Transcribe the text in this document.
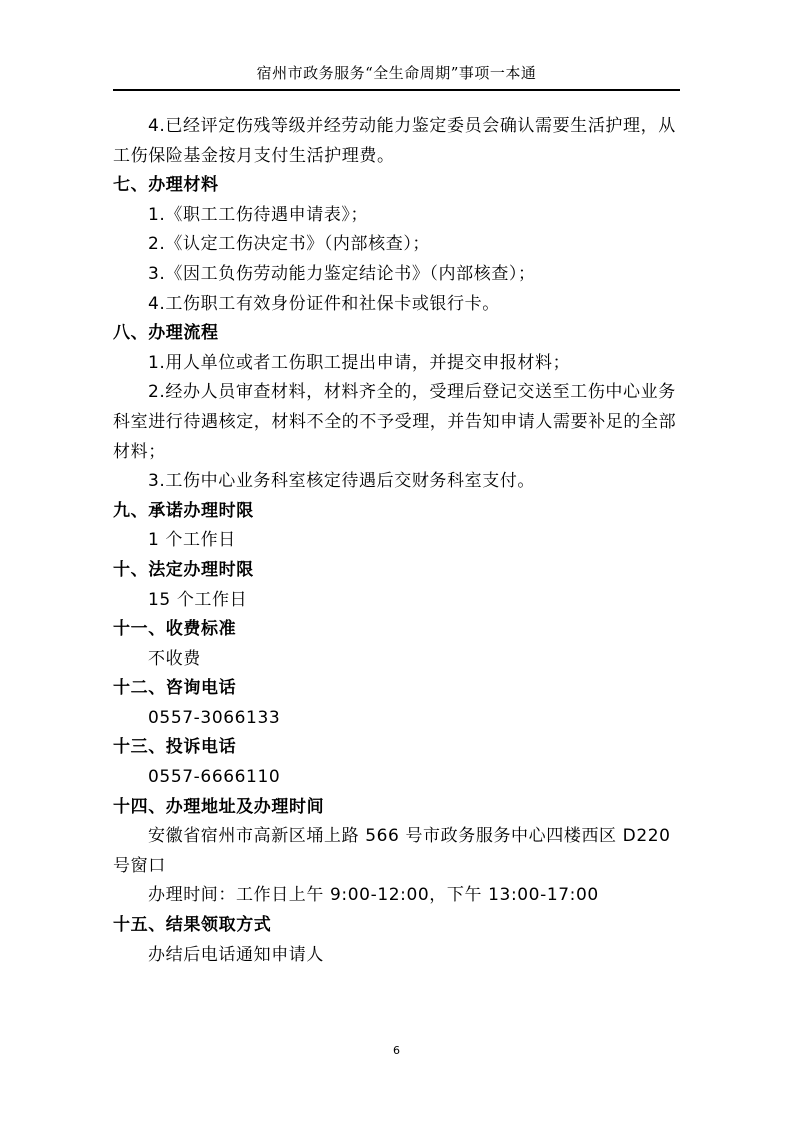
宿州市政务服务“全生命周期”事项一本通
4.已经评定伤残等级并经劳动能力鉴定委员会确认需要生活护理，从工伤保险基金按月支付生活护理费。
七、办理材料
1.《职工工伤待遇申请表》；
2.《认定工伤决定书》（内部核查）；
3.《因工负伤劳动能力鉴定结论书》（内部核查）；
4.工伤职工有效身份证件和社保卡或银行卡。
八、办理流程
1.用人单位或者工伤职工提出申请，并提交申报材料；
2.经办人员审查材料，材料齐全的，受理后登记交送至工伤中心业务科室进行待遇核定，材料不全的不予受理，并告知申请人需要补足的全部材料；
3.工伤中心业务科室核定待遇后交财务科室支付。
九、承诺办理时限
1 个工作日
十、法定办理时限
15 个工作日
十一、收费标准
不收费
十二、咨询电话
0557-3066133
十三、投诉电话
0557-6666110
十四、办理地址及办理时间
安徽省宿州市高新区埇上路 566 号市政务服务中心四楼西区 D220 号窗口
办理时间：工作日上午 9:00-12:00，下午 13:00-17:00
十五、结果领取方式
办结后电话通知申请人
6
